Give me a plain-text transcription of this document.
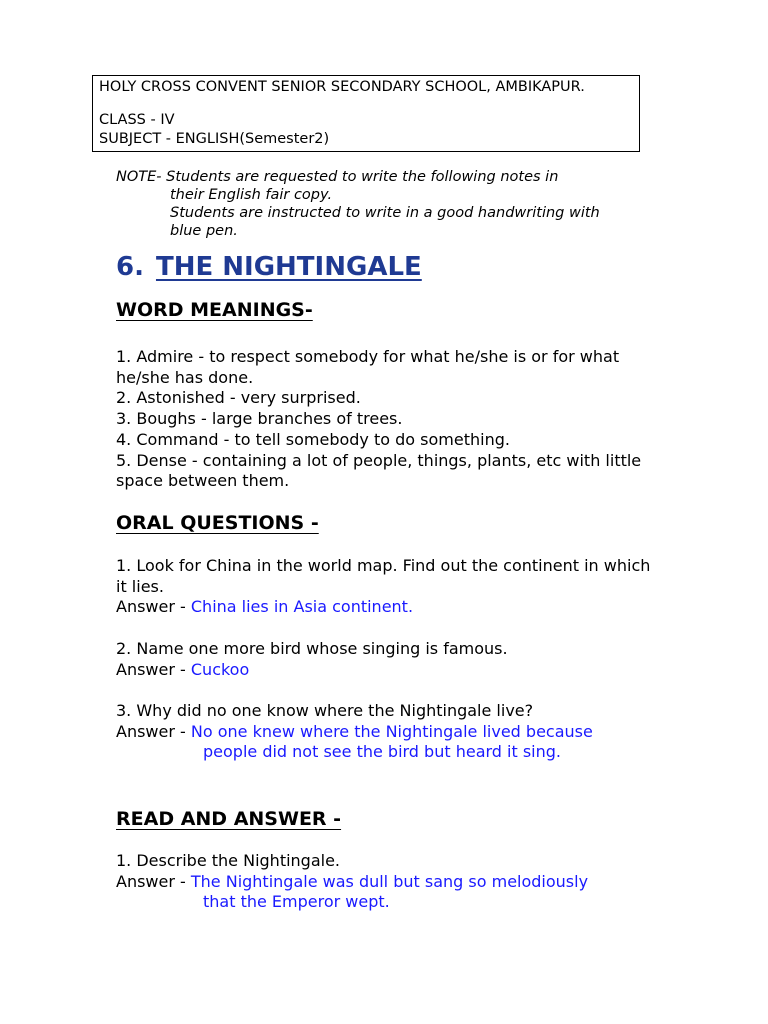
HOLY CROSS CONVENT SENIOR SECONDARY SCHOOL, AMBIKAPUR.
CLASS - IV
SUBJECT - ENGLISH(Semester2)
NOTE- Students are requested to write the following notes in
their English fair copy.
Students are instructed to write in a good handwriting with
blue pen.
6. THE NIGHTINGALE
WORD MEANINGS-
1. Admire - to respect somebody for what he/she is or for what he/she has done.
2. Astonished - very surprised.
3. Boughs - large branches of trees.
4. Command - to tell somebody to do something.
5. Dense - containing a lot of people, things, plants, etc with little space between them.
ORAL QUESTIONS -
1. Look for China in the world map. Find out the continent in which it lies.
Answer - China lies in Asia continent.
2. Name one more bird whose singing is famous.
Answer - Cuckoo
3. Why did no one know where the Nightingale live?
Answer - No one knew where the Nightingale lived because
people did not see the bird but heard it sing.
READ AND ANSWER -
1. Describe the Nightingale.
Answer - The Nightingale was dull but sang so melodiously
that the Emperor wept.
